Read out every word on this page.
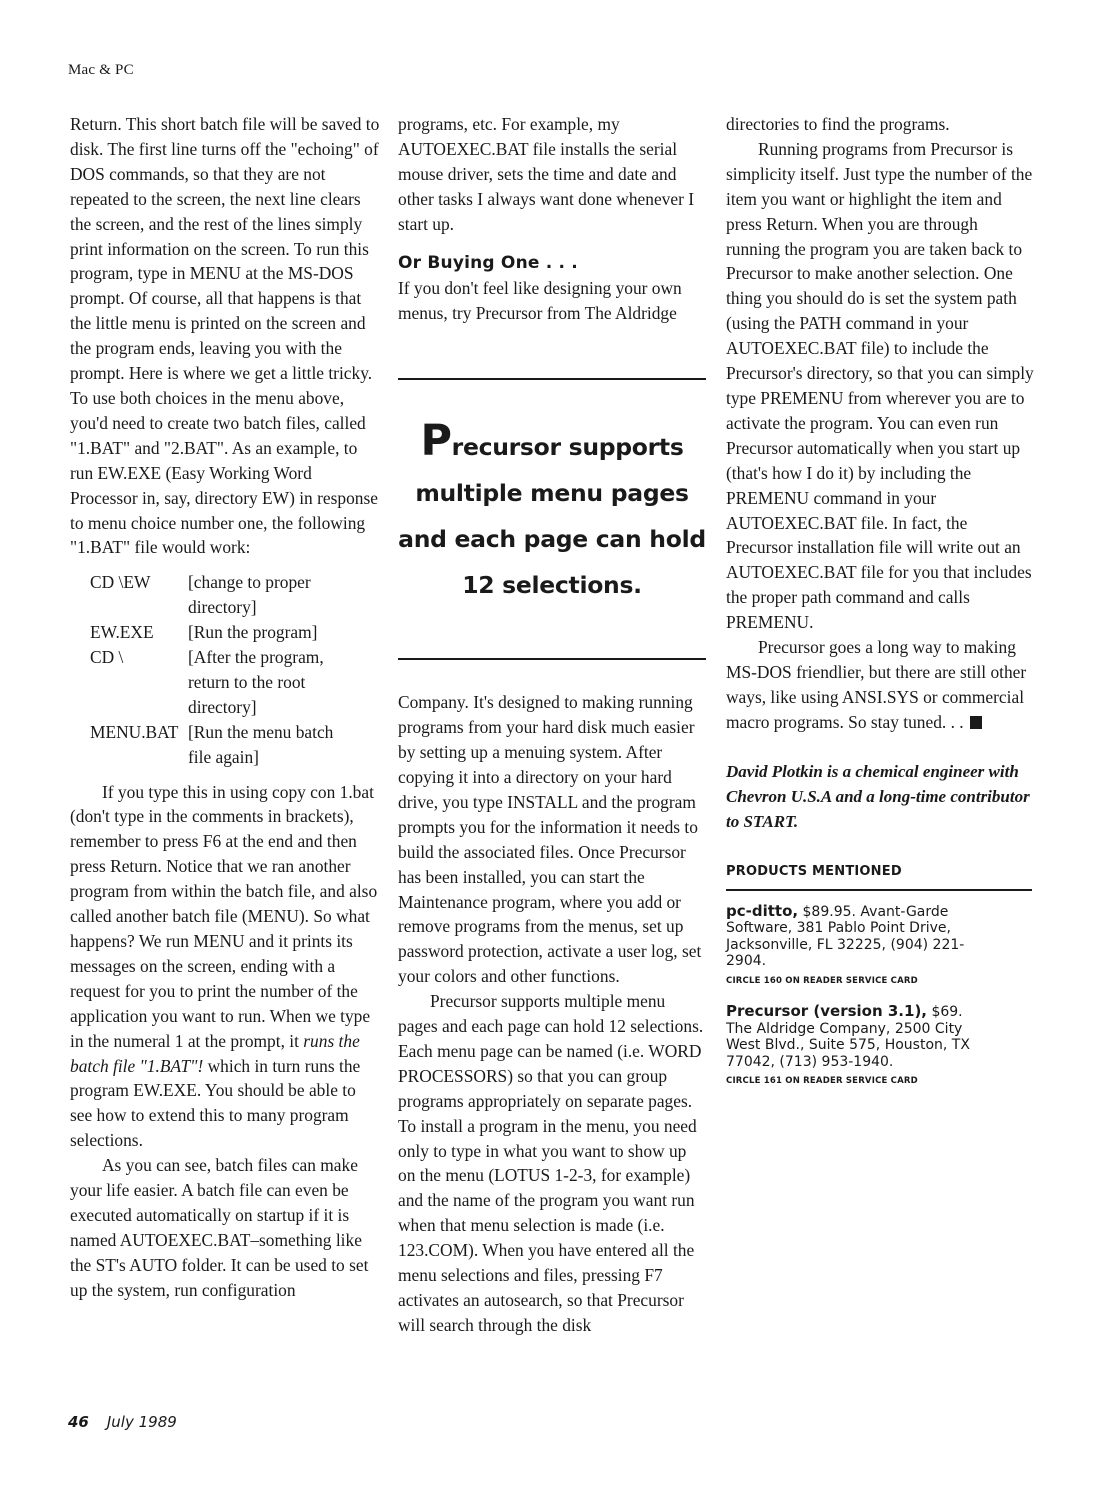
Mac & PC

Return. This short batch file will be saved to disk. The first line turns off the "echoing" of DOS commands, so that they are not repeated to the screen, the next line clears the screen, and the rest of the lines simply print information on the screen. To run this program, type in MENU at the MS-DOS prompt. Of course, all that happens is that the little menu is printed on the screen and the program ends, leaving you with the prompt. Here is where we get a little tricky. To use both choices in the menu above, you'd need to create two batch files, called "1.BAT" and "2.BAT". As an example, to run EW.EXE (Easy Working Word Processor in, say, directory EW) in response to menu choice number one, the following "1.BAT" file would work:

CD \EW	[change to proper directory]
EW.EXE	[Run the program]
CD \	[After the program, return to the root directory]
MENU.BAT	[Run the menu batch file again]

If you type this in using copy con 1.bat (don't type in the comments in brackets), remember to press F6 at the end and then press Return. Notice that we ran another program from within the batch file, and also called another batch file (MENU). So what happens? We run MENU and it prints its messages on the screen, ending with a request for you to print the number of the application you want to run. When we type in the numeral 1 at the prompt, it runs the batch file "1.BAT"! which in turn runs the program EW.EXE. You should be able to see how to extend this to many program selections.

As you can see, batch files can make your life easier. A batch file can even be executed automatically on startup if it is named AUTOEXEC.BAT–something like the ST's AUTO folder. It can be used to set up the system, run configuration

programs, etc. For example, my AUTOEXEC.BAT file installs the serial mouse driver, sets the time and date and other tasks I always want done whenever I start up.

Or Buying One . . .

If you don't feel like designing your own menus, try Precursor from The Aldridge

Precursor supports multiple menu pages and each page can hold 12 selections.

Company. It's designed to making running programs from your hard disk much easier by setting up a menuing system. After copying it into a directory on your hard drive, you type INSTALL and the program prompts you for the information it needs to build the associated files. Once Precursor has been installed, you can start the Maintenance program, where you add or remove programs from the menus, set up password protection, activate a user log, set your colors and other functions.

Precursor supports multiple menu pages and each page can hold 12 selections. Each menu page can be named (i.e. WORD PROCESSORS) so that you can group programs appropriately on separate pages. To install a program in the menu, you need only to type in what you want to show up on the menu (LOTUS 1-2-3, for example) and the name of the program you want run when that menu selection is made (i.e. 123.COM). When you have entered all the menu selections and files, pressing F7 activates an autosearch, so that Precursor will search through the disk

directories to find the programs.

Running programs from Precursor is simplicity itself. Just type the number of the item you want or highlight the item and press Return. When you are through running the program you are taken back to Precursor to make another selection. One thing you should do is set the system path (using the PATH command in your AUTOEXEC.BAT file) to include the Precursor's directory, so that you can simply type PREMENU from wherever you are to activate the program. You can even run Precursor automatically when you start up (that's how I do it) by including the PREMENU command in your AUTOEXEC.BAT file. In fact, the Precursor installation file will write out an AUTOEXEC.BAT file for you that includes the proper path command and calls PREMENU.

Precursor goes a long way to making MS-DOS friendlier, but there are still other ways, like using ANSI.SYS or commercial macro programs. So stay tuned. . .

David Plotkin is a chemical engineer with Chevron U.S.A and a long-time contributor to START.

PRODUCTS MENTIONED

pc-ditto, $89.95. Avant-Garde Software, 381 Pablo Point Drive, Jacksonville, FL 32225, (904) 221-2904.
CIRCLE 160 ON READER SERVICE CARD

Precursor (version 3.1), $69. The Aldridge Company, 2500 City West Blvd., Suite 575, Houston, TX 77042, (713) 953-1940.
CIRCLE 161 ON READER SERVICE CARD

46 July 1989
